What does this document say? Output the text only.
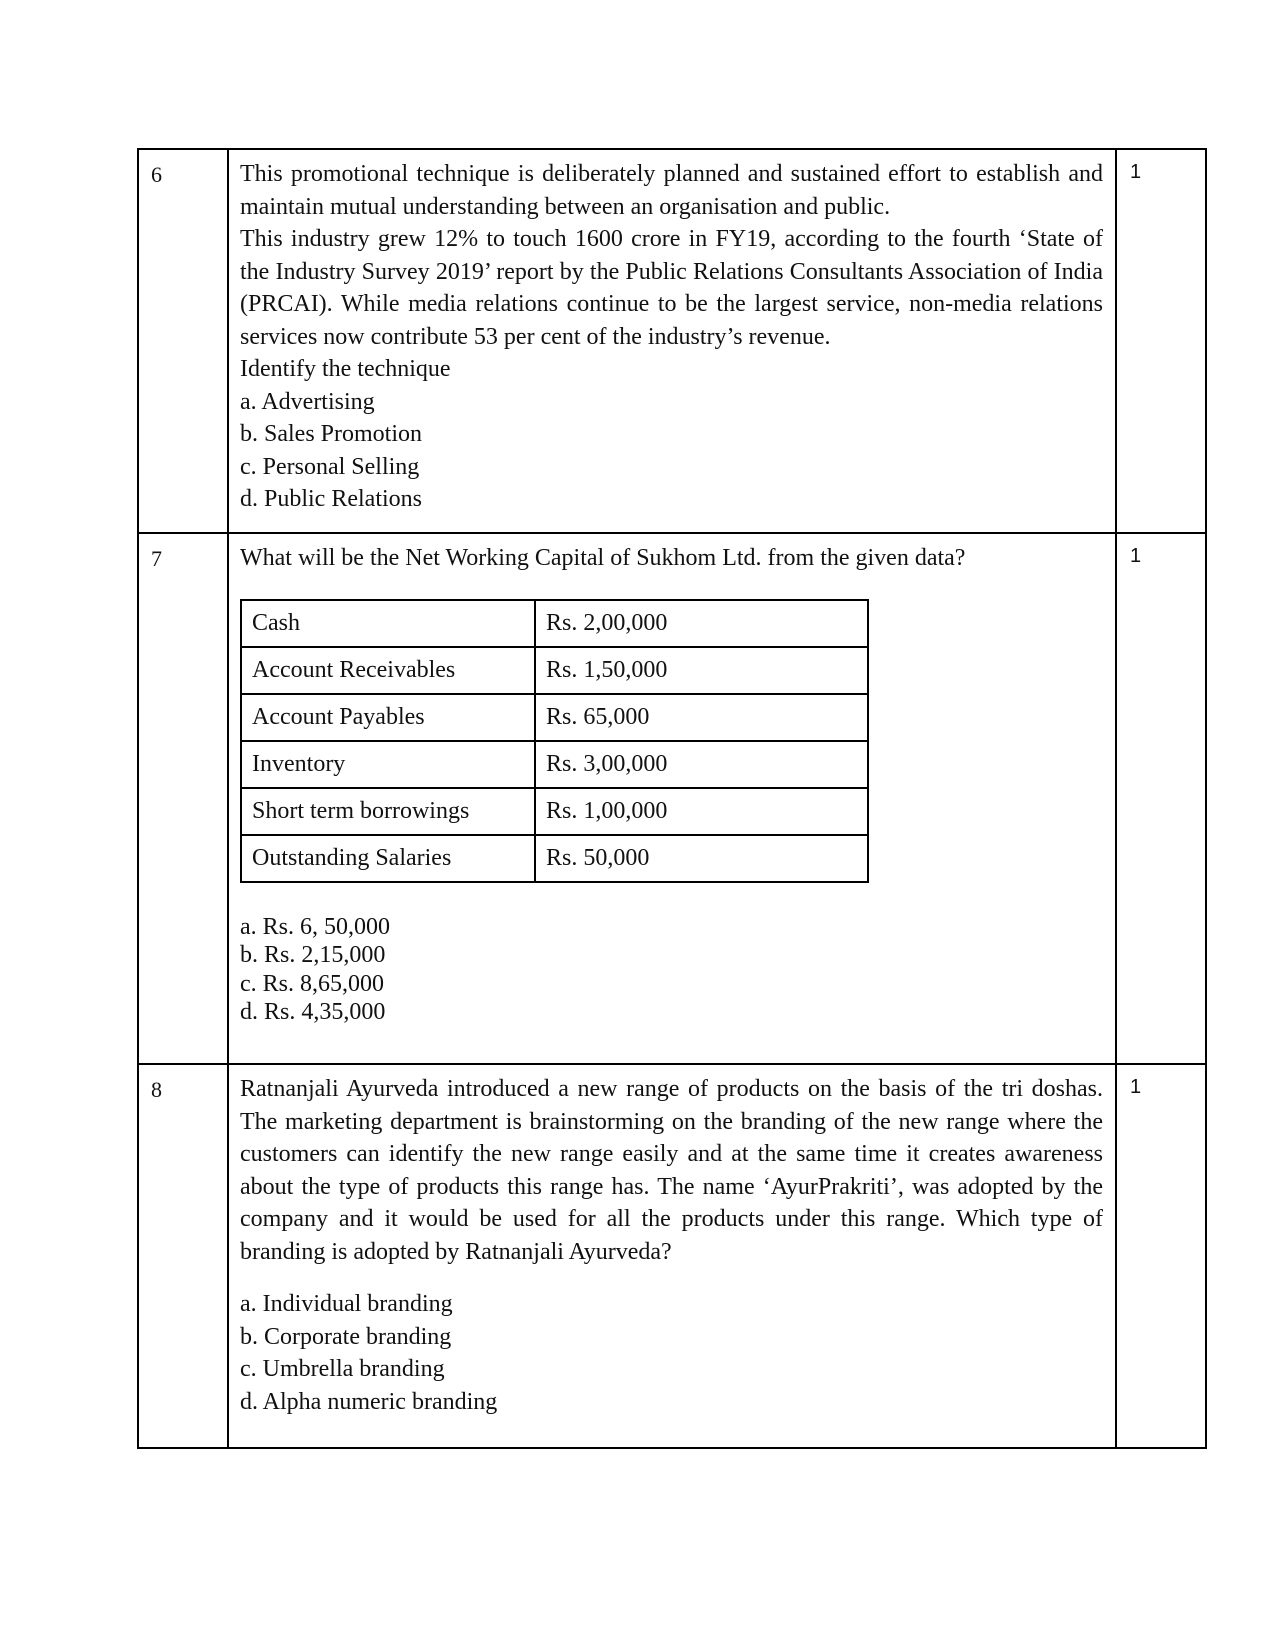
6	This promotional technique is deliberately planned and sustained effort to establish and maintain mutual understanding between an organisation and public.

This industry grew 12% to touch 1600 crore in FY19, according to the fourth ‘State of the Industry Survey 2019’ report by the Public Relations Consultants Association of India (PRCAI). While media relations continue to be the largest service, non-media relations services now contribute 53 per cent of the industry’s revenue.

Identify the technique

a. Advertising

b. Sales Promotion

c. Personal Selling

d. Public Relations

	1
7	What will be the Net Working Capital of Sukhom Ltd. from the given data?

Cash	Rs. 2,00,000
Account Receivables	Rs. 1,50,000
Account Payables	Rs. 65,000
Inventory	Rs. 3,00,000
Short term borrowings	Rs. 1,00,000
Outstanding Salaries	Rs. 50,000

a. Rs. 6, 50,000

b. Rs. 2,15,000

c. Rs. 8,65,000

d. Rs. 4,35,000

	1
8	Ratnanjali Ayurveda introduced a new range of products on the basis of the tri doshas. The marketing department is brainstorming on the branding of the new range where the customers can identify the new range easily and at the same time it creates awareness about the type of products this range has. The name ‘AyurPrakriti’, was adopted by the company and it would be used for all the products under this range. Which type of branding is adopted by Ratnanjali Ayurveda?

a. Individual branding

b. Corporate branding

c. Umbrella branding

d. Alpha numeric branding

	1
